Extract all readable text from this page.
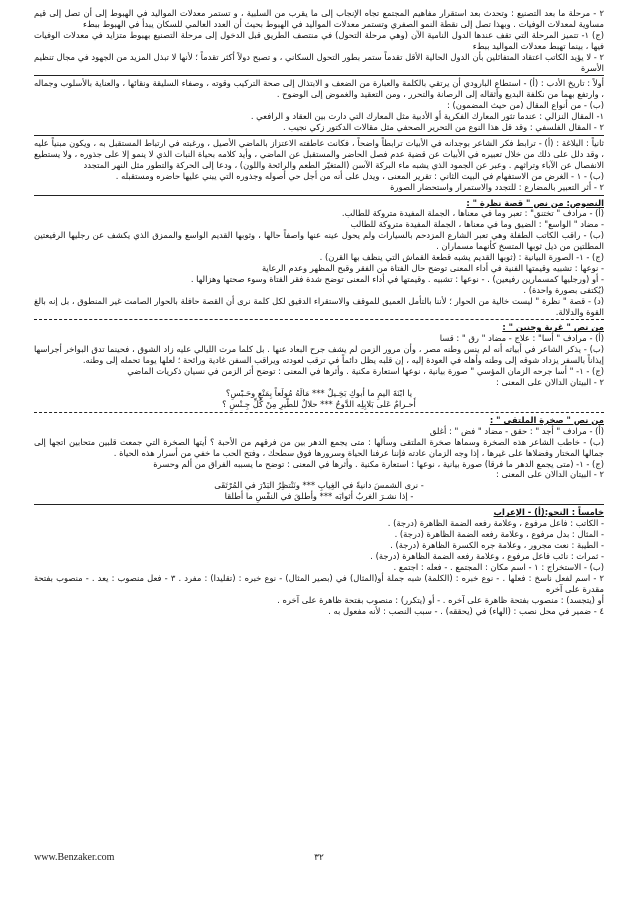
٢ - مرحلة ما بعد التصنيع : وتحدث بعد استقرار مفاهيم المجتمع تجاه الإنجاب إلى ما يقرب من السلبية ، و تستمر معدلات المواليد في الهبوط إلى أن تصل إلى قيم مساوية لمعدلات الوفيات . وبهذا تصل إلى نقطة النمو الصفري وتستمر معدلات المواليد في الهبوط بحيث أن العدد العالمي للسكان يبدأ في الهبوط ببطء
(ج) ١- تتميز المرحلة التي تقف عندها الدول النامية الآن (وهي مرحلة التحول) في منتصف الطريق قبل الدخول إلى مرحلة التصنيع بهبوط متزايد في معدلات الوفيات فيها ، بينما تهبط معدلات المواليد ببطء
٢ - لا يؤيد الكاتب اعتقاد المتفائلين بأن الدول الحالية الأقل تقدماً ستمر بطور التحول السكاني ، و تصبح دولاً أكثر تقدماً ؛ لأنها لا تبذل المزيد من الجهود في مجال تنظيم الأسرة
أولاً : تاريخ الأدب : (أ) - استطاع البارودي أن يرتقي بالكلمة والعبارة من الضعف و الابتذال إلى صحة التركيب وقوته ، وصفاء السليقة ونقائها ، والعناية بالأسلوب وجماله ، وارتفع بهما من نكلفة البديع وأثقاله إلى الرصانة والتحرر ، ومن التعقيد والغموض إلى الوضوح .
(ب) - من أنواع المقال (من حيث المضمون) :
١- المقال النزالي : عندما تثور المعارك الفكرية أو الأدبية مثل المعارك التي دارت بين العقاد و الرافعي .
٢ - المقال الفلسفي : وقد قل هذا النوع من التحرير الصحفي مثل مقالات الدكتور زكي نجيب .
ثانياً : البلاغة : (أ) - ترابط فكر الشاعر بوجدانه في الأبيات ترابطاً واضحاً ، فكانت عاطفته الاعتزاز بالماضي الأصيل ، ورغبته في ارتباط المستقبل به ، ويكون مبنياً عليه ، وقد دلل على ذلك من خلال تعبيره في الأبيات عن قضية عدم فصل الحاضر والمستقبل عن الماضي ، وأيد كلامه بحياة النبات الذي لا ينمو إلا على جذوره ، ولا يستطيع الانفصال عن الآباء وتراثهم . وعبر عن الجمود الذي يشبه ماء البركة الآسن (المتغيّر الطعم والرائحة واللون) ، ودعا إلى الحركة والتطور مثل النهر المتجدد
(ب) - ١ - الغرض من الاستفهام في البيت الثاني : تقرير المعنى ، ويدل على أنه من أجل حي أصوله وجذوره التي يبني عليها حاضره ومستقبله .
٢ - أثر التعبير بالمضارع : للتجدد والاستمرار واستحضار الصورة
النصوص: من نص " قصة نظرة " :
(أ) - مرادف " تختنق" : تعبر وما في معناها ، الجملة المفيدة متروكة للطالب.
- مضاد " الواسع" : الضيق وما في معناها ، الجملة المفيدة متروكة للطالب
(ب) - راقب الكاتب الطفلة وهي تعبر الشارع المزدحم بالسيارات ولم يحول عينه عنها واصفاً حالها ، وثوبها القديم الواسع والممزق الذي يكشف عن رجليها الرفيعتين المطلتين من ذيل ثوبها المتسخ كأنهما مسماران .
(ج) - ١- الصورة البيانية : (ثوبها القديم يشبه قطعة القماش التي ينظف بها القرن) .
- نوعها : تشبيه وقيمتها الفنية في أداء المعنى توضح حال الفتاة من الفقر وقبح المظهر وعدم الرعاية
- أو (ورجليها كمسمارين رفيعين) . - نوعها : تشبيه . وقيمتها في أداء المعنى توضح شدة فقر الفتاة وسوء صحتها وهزالها .
(يُكتفى بصورة واحدة) .
(د) - قصة " نظرة " ليست خالية من الحوار ؛ لأننا بالتأمل العميق للموقف والاستقراء الدقيق لكل كلمة نرى أن القصة حافلة بالحوار الصامت غير المنطوق ، بل إنه بالغ القوة والدلالة.
من نص " غربة وحنين " :
(أ) - مرادف " أسا" : علاج - مضاد " رق " : قسا
(ب) - يذكر الشاعر في أبياته أنه لم ينس وطنه مصر ، وأن مرور الزمن لم يشف جرح البعاد عنها . بل كلما مرت الليالي عليه زاد الشوق ، فحينما تدق البواخر أجراسها إيذاناً بالسفر يزداد شوقه إلى وطنه وأهله في العودة إليه ، إن قلبه يظل دائماً في ترقب لعودته ويراقب السفن غادية ورائحة ؛ لعلها يوما تحمله إلى وطنه.
(ج) - ١- " أسا جرحه الزمان المؤسي " صورة بيانية ، نوعها استعارة مكنية . وأثرها في المعنى : توضح أثر الزمن في نسيان ذكريات الماضي
٢ - البيتان الدالان على المعنى :
يا ابْنَةَ اليمِ ما أبوكِ بَخِـيلٌ *** مَالَهُ مُولَعاً بِمَنْعٍ وحَـبْسِ؟
أَحـرامٌ عَلى بَلابِلِه الدَّوحُ *** حلالٌ للطّيرِ مِنْ كُلِّ جِـنْسِ ؟
من نص " صخرة الملتقى " :
(أ) - مرادف " أجد " : حقق - مضاد " فض " : أغلق
(ب) - خاطب الشاعر هذه الصخرة وسماها صخرة الملتقى وسألها : متى يجمع الدهر بين من فرقهم من الأحبة ؟ أيتها الصخرة التي جمعت قلبين متحابين اتجها إلى جمالها المختار وفضلاها على غيرها ، إذا وجه الزمان عادته فإننا عرفنا الحياة وسرورها فوق سطحك ، وفتح الحب ما خفي من أسرار هذه الحياة .
(ج) - ١- (متى يجمع الدهر ما فرقا) صورة بيانية ، نوعها : استعارة مكنية . وأثرها في المعنى : توضح ما يسببه الفراق من ألم وحسرة
٢ - البيتان الدالان على المعنى :
- نرى الشمسَ دانيةً في الغِيابِ *** ونَنْتظِرُ البَدْرَ في المُرْتَقَى
- إذا نشـرَ الغربُ أثوابَه *** وأطلقَ في النفْسِ ما أطلقا
خامساً : النحو:(أ) - الإعراب
- الكاتب : فاعل مرفوع ، وعلامة رفعه الضمة الظاهرة (درجة) .
- المثال : بدل مرفوع ، وعلامة رفعه الضمة الظاهرة (درجة) .
- الطيبة : نعت مجرور ، وعلامة جره الكسرة الظاهرة (درجة) .
- ثمرات : نائب فاعل مرفوع ، وعلامة رفعه الضمة الظاهرة (درجة) .
(ب) - الاستخراج : ١ - اسم مكان : المجتمع . - فعله : اجتمع .
٢ - اسم لفعل ناسخ : فعلها . - نوع خبره : (الكلمة) شبه جملة أو(المثال) في (بصير المثال) - نوع خبره : (تقليدا) : مفرد . ٣ - فعل منصوب : يعد . - منصوب بفتحة مقدرة على آخره
أو (يتجسد) : منصوب بفتحة ظاهرة على آخره . - أو (يتكرر) : منصوب بفتحة ظاهرة على آخره .
٤ - ضمير في محل نصب : (الهاء) في (يحققه) . - سبب النصب : لأنه مفعول به .
٣٢
www.Benzaker.com
